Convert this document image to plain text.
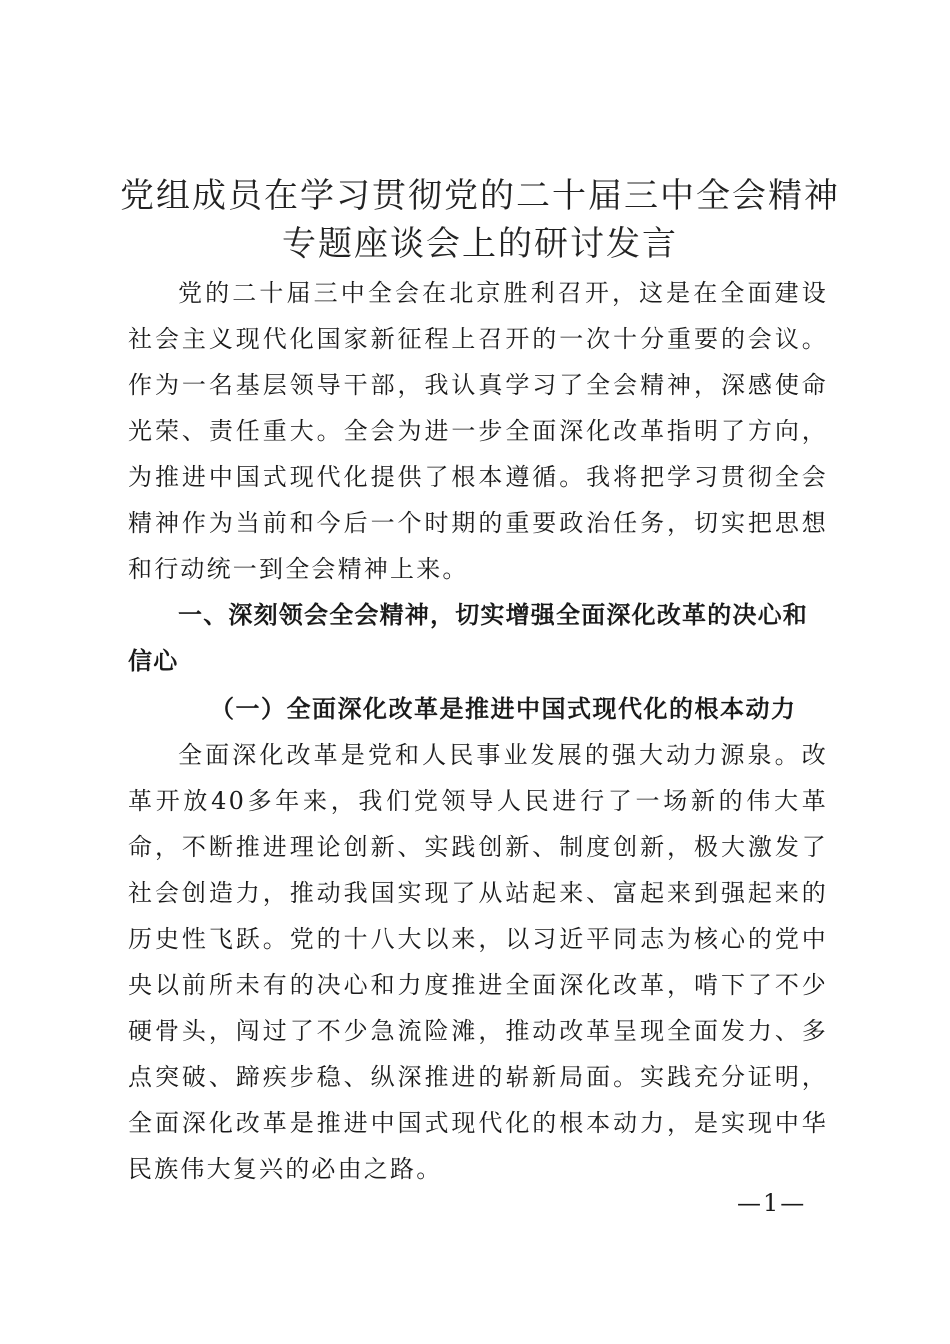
党组成员在学习贯彻党的二十届三中全会精神
专题座谈会上的研讨发言

党的二十届三中全会在北京胜利召开，这是在全面建设社会主义现代化国家新征程上召开的一次十分重要的会议。作为一名基层领导干部，我认真学习了全会精神，深感使命光荣、责任重大。全会为进一步全面深化改革指明了方向，为推进中国式现代化提供了根本遵循。我将把学习贯彻全会精神作为当前和今后一个时期的重要政治任务，切实把思想和行动统一到全会精神上来。

一、深刻领会全会精神，切实增强全面深化改革的决心和信心

（一）全面深化改革是推进中国式现代化的根本动力

全面深化改革是党和人民事业发展的强大动力源泉。改革开放40多年来，我们党领导人民进行了一场新的伟大革命，不断推进理论创新、实践创新、制度创新，极大激发了社会创造力，推动我国实现了从站起来、富起来到强起来的历史性飞跃。党的十八大以来，以习近平同志为核心的党中央以前所未有的决心和力度推进全面深化改革，啃下了不少硬骨头，闯过了不少急流险滩，推动改革呈现全面发力、多点突破、蹄疾步稳、纵深推进的崭新局面。实践充分证明，全面深化改革是推进中国式现代化的根本动力，是实现中华民族伟大复兴的必由之路。

—1—
